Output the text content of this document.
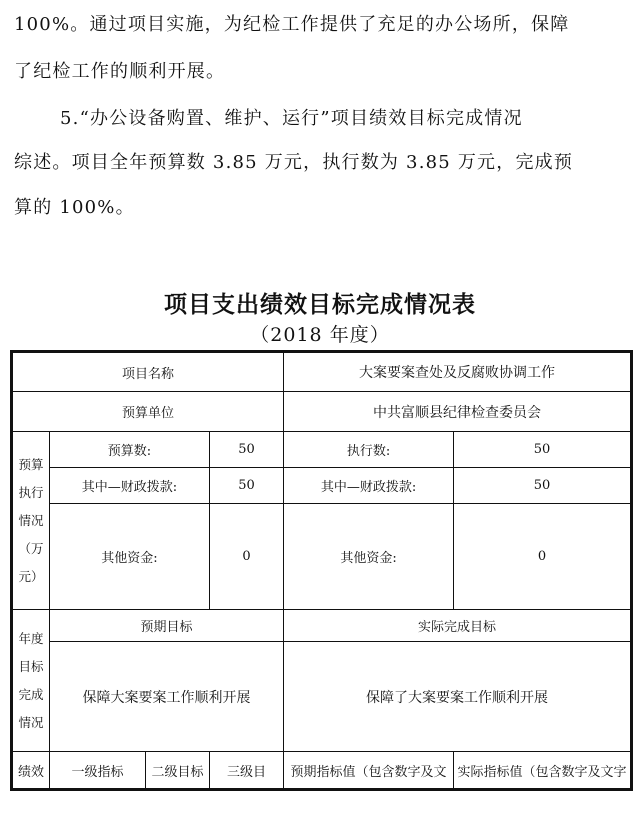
100%。通过项目实施，为纪检工作提供了充足的办公场所，保障
了纪检工作的顺利开展。
5.“办公设备购置、维护、运行”项目绩效目标完成情况
综述。项目全年预算数 3.85 万元，执行数为 3.85 万元，完成预
算的 100%。
项目支出绩效目标完成情况表
（2018 年度）
项目名称				大案要案查处及反腐败协调工作	
预算单位				中共富顺县纪律检查委员会	

预算
执行
情况
（万
元）	预算数:		50	执行数:	50
	其中—财政拨款:		50	其中—财政拨款:	50
	其他资金:		0	其他资金:	0

年度
目标
完成
情况	预期目标			实际完成目标	
	保障大案要案工作顺利开展			保障了大案要案工作顺利开展	
绩效	一级指标	二级目标	三级目	预期指标值（包含数字及文	实际指标值（包含数字及文字
